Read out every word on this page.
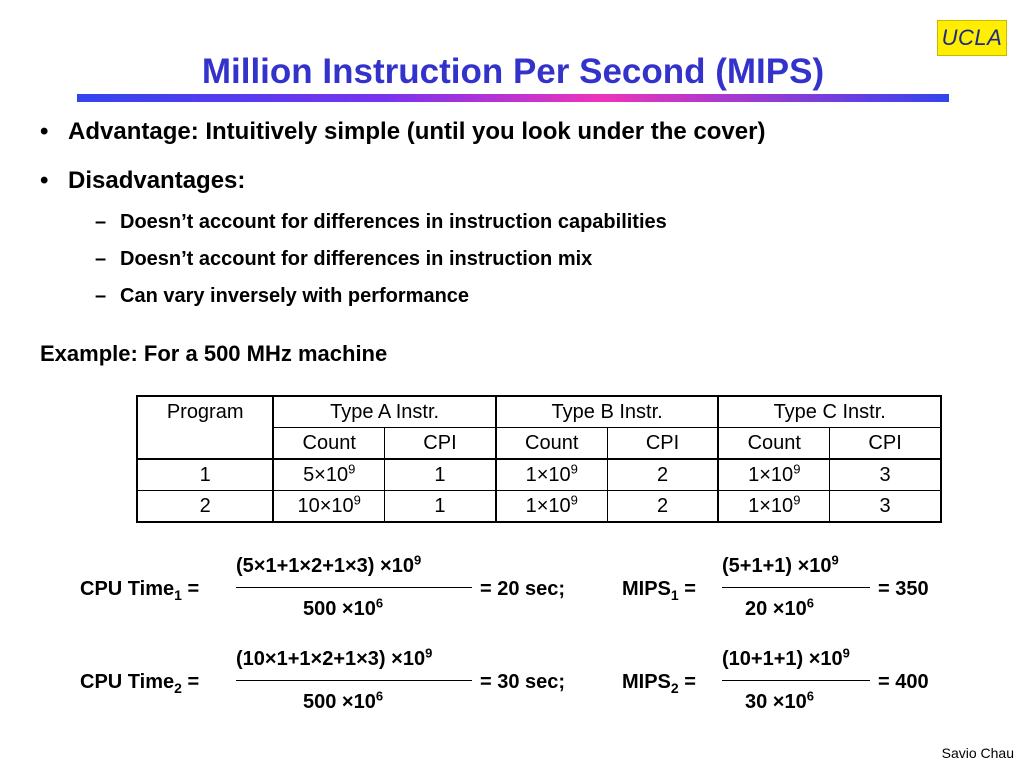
UCLA
Million Instruction Per Second (MIPS)
• Advantage: Intuitively simple (until you look under the cover)
• Disadvantages:
– Doesn’t account for differences in instruction capabilities
– Doesn’t account for differences in instruction mix
– Can vary inversely with performance
Example: For a 500 MHz machine
Program	Type A Instr.		Type B Instr.		Type C Instr.	
	Count	CPI	Count	CPI	Count	CPI
1	$5\times 10^9$	1	$1\times 10^9$	2	$1\times 10^9$	3
2	$10\times 10^9$	1	$1\times 10^9$	2	$1\times 10^9$	3
CPU Time$_1$ =
$(5\times 1+1\times 2+1\times 3) \times 10^9$
$500 \times 10^6$
= 20 sec;	$MIPS_1$ =
$(5+1+1) \times 10^9$
$20 \times 10^6$
= 350
CPU Time$_2$ =
$(10\times 1+1\times 2+1\times 3) \times 10^9$
$500 \times 10^6$
= 30 sec;	$MIPS_2$ =
$(10+1+1) \times 10^9$
$30 \times 10^6$
= 400
Savio Chau
